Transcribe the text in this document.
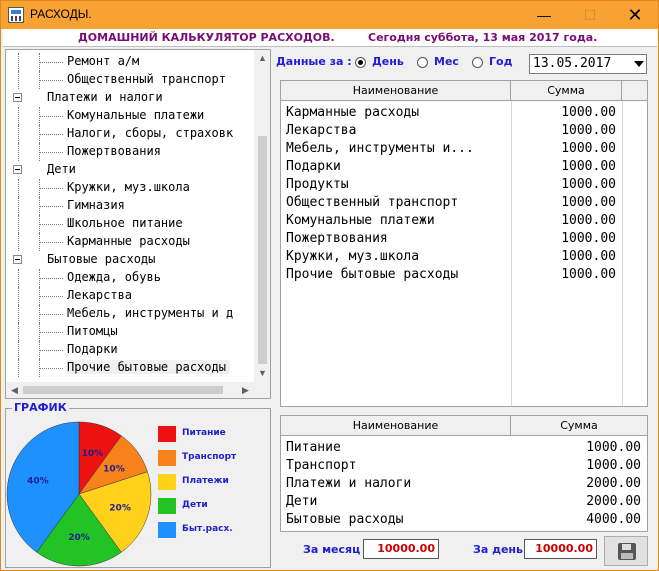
РАСХОДЫ.	—	☐	✕
ДОМАШНИЙ КАЛЬКУЛЯТОР РАСХОДОВ.	Сегодня суббота, 13 мая 2017 года.
Ремонт а/м
Общественный транспорт
Платежи и налоги
Комунальные платежи
Налоги, сборы, страховк
Пожертвования
Дети
Кружки, муз.школа
Гимназия
Школьное питание
Карманные расходы
Бытовые расходы
Одежда, обувь
Лекарства
Мебель, инструменты и д
Питомцы
Подарки
Прочие бытовые расходы
▲
▼
◀	▶
ГРАФИК
10%
10%
20%
20%
40%
Питание
Транспорт
Платежи
Дети
Быт.расх.
Данные за : День	Мес	Год 13.05.2017
Наименование	Сумма
Карманные расходы	1000.00
Лекарства	1000.00
Мебель, инструменты и...	1000.00
Подарки	1000.00
Продукты	1000.00
Общественный транспорт	1000.00
Комунальные платежи	1000.00
Пожертвования	1000.00
Кружки, муз.школа	1000.00
Прочие бытовые расходы	1000.00
Наименование	Сумма
Питание	1000.00
Транспорт	1000.00
Платежи и налоги	2000.00
Дети	2000.00
Бытовые расходы	4000.00
За месяц	10000.00	За день	10000.00
